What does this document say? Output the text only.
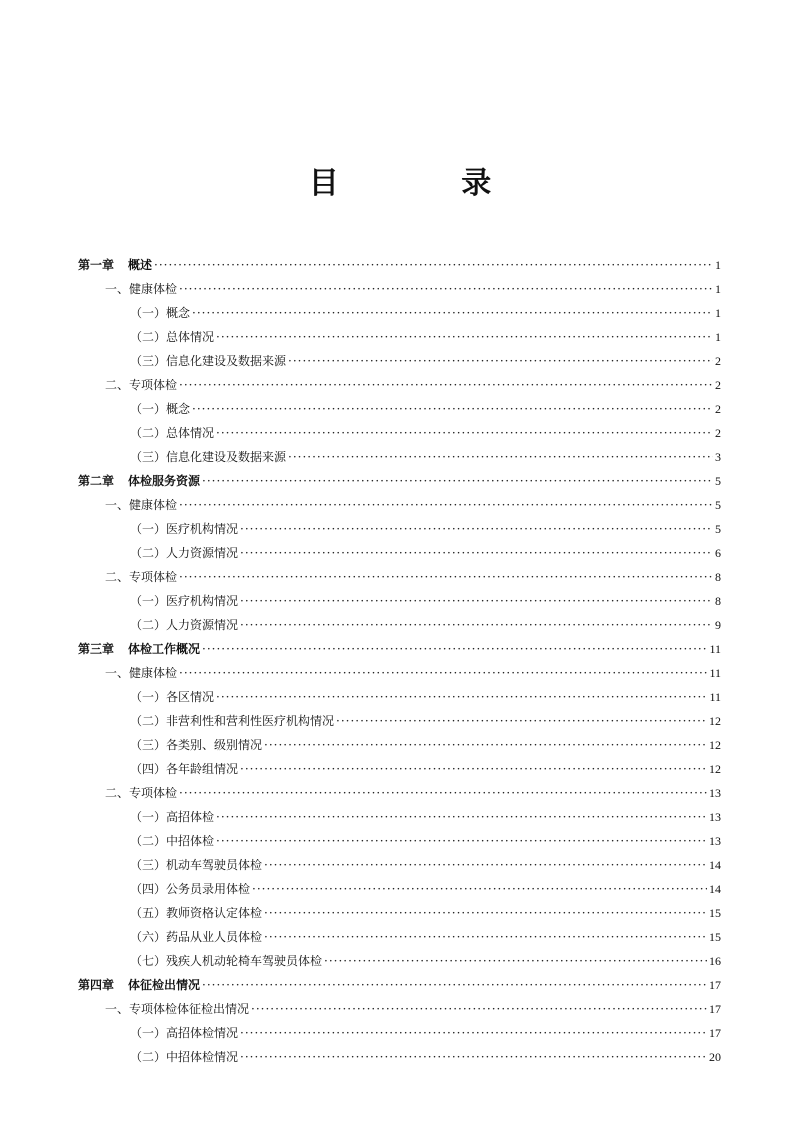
目 录
第一章 概述 ·····	1
一、健康体检 ·····	1
（一）概念 ·····	1
（二）总体情况 ·····	1
（三）信息化建设及数据来源 ·····	2
二、专项体检 ·····	2
（一）概念 ·····	2
（二）总体情况 ·····	2
（三）信息化建设及数据来源 ·····	3
第二章 体检服务资源 ·····	5
一、健康体检 ·····	5
（一）医疗机构情况 ·····	5
（二）人力资源情况 ·····	6
二、专项体检 ·····	8
（一）医疗机构情况 ·····	8
（二）人力资源情况 ·····	9
第三章 体检工作概况 ·····	11
一、健康体检 ·····	11
（一）各区情况 ·····	11
（二）非营利性和营利性医疗机构情况 ·····	12
（三）各类别、级别情况 ·····	12
（四）各年龄组情况 ·····	12
二、专项体检 ·····	13
（一）高招体检 ·····	13
（二）中招体检 ·····	13
（三）机动车驾驶员体检 ·····	14
（四）公务员录用体检 ·····	14
（五）教师资格认定体检 ·····	15
（六）药品从业人员体检 ·····	15
（七）残疾人机动轮椅车驾驶员体检 ·····	16
第四章 体征检出情况 ·····	17
一、专项体检体征检出情况 ·····	17
（一）高招体检情况 ·····	17
（二）中招体检情况 ·····	20
